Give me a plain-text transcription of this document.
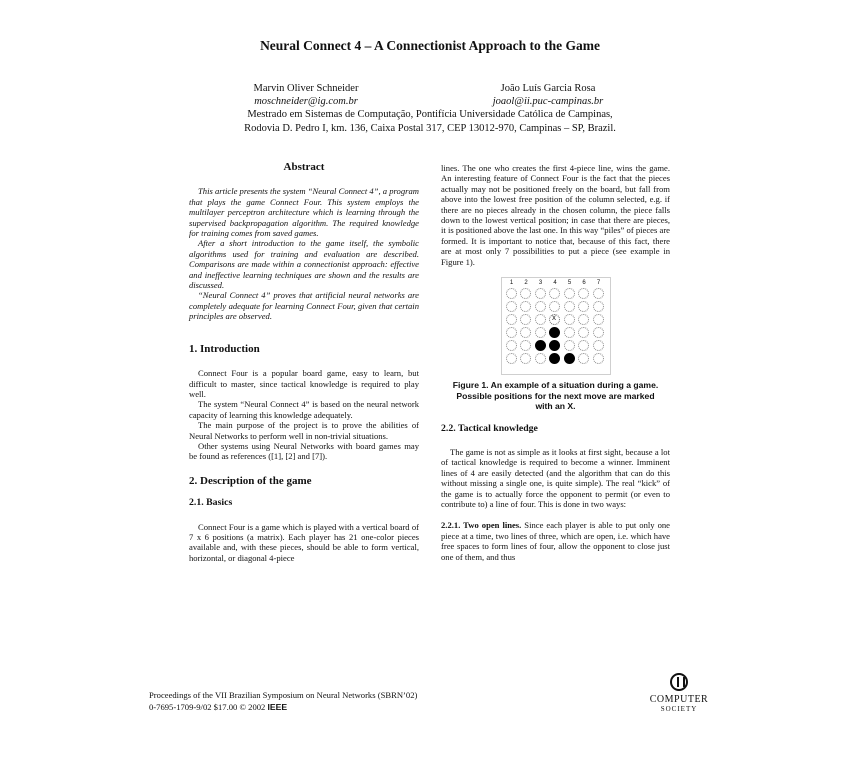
Neural Connect 4 – A Connectionist Approach to the Game
Marvin Oliver Schneider
moschneider@ig.com.br
João Luís Garcia Rosa
joaol@ii.puc-campinas.br
Mestrado em Sistemas de Computação, Pontifícia Universidade Católica de Campinas,
Rodovia D. Pedro I, km. 136, Caixa Postal 317, CEP 13012-970, Campinas – SP, Brazil.
Abstract

This article presents the system “Neural Connect 4”, a program that plays the game Connect Four. This system employs the multilayer perceptron architecture which is learning through the supervised backpropagation algorithm. The required knowledge for training comes from saved games.

After a short introduction to the game itself, the symbolic algorithms used for training and evaluation are described. Comparisons are made within a connectionist approach: effective and ineffective learning techniques are shown and the results are discussed.

“Neural Connect 4” proves that artificial neural networks are completely adequate for learning Connect Four, given that certain principles are observed.

1. Introduction

Connect Four is a popular board game, easy to learn, but difficult to master, since tactical knowledge is required to play well.

The system “Neural Connect 4” is based on the neural network capacity of learning this knowledge adequately.

The main purpose of the project is to prove the abilities of Neural Networks to perform well in non-trivial situations.

Other systems using Neural Networks with board games may be found as references ([1], [2] and [7]).

2. Description of the game
2.1. Basics

Connect Four is a game which is played with a vertical board of 7 x 6 positions (a matrix). Each player has 21 one-color pieces available and, with these pieces, should be able to form vertical, horizontal, or diagonal 4-piece

lines. The one who creates the first 4-piece line, wins the game. An interesting feature of Connect Four is the fact that the pieces actually may not be positioned freely on the board, but fall from above into the lowest free position of the column selected, e.g. if there are no pieces already in the chosen column, the piece falls down to the lowest vertical position; in case that there are pieces, it is positioned above the last one. In this way “piles” of pieces are formed. It is important to notice that, because of this fact, there are at most only 7 possibilities to put a piece (see example in Figure 1).

1	2	3	4	5	6	7
x
Figure 1. An example of a situation during a game. Possible positions for the next move are marked with an X.
2.2. Tactical knowledge

The game is not as simple as it looks at first sight, because a lot of tactical knowledge is required to become a winner. Imminent lines of 4 are easily detected (and the algorithm that can do this without missing a single one, is quite simple). The real “kick” of the game is to actually force the opponent to permit (or even to contribute to) a line of four. This is done in two ways:

2.2.1. Two open lines. Since each player is able to put only one piece at a time, two lines of three, which are open, i.e. which have free spaces to form lines of four, allow the opponent to close just one of them, and thus

Proceedings of the VII Brazilian Symposium on Neural Networks (SBRN’02)
0-7695-1709-9/02 $17.00 © 2002 IEEE
COMPUTER
SOCIETY
